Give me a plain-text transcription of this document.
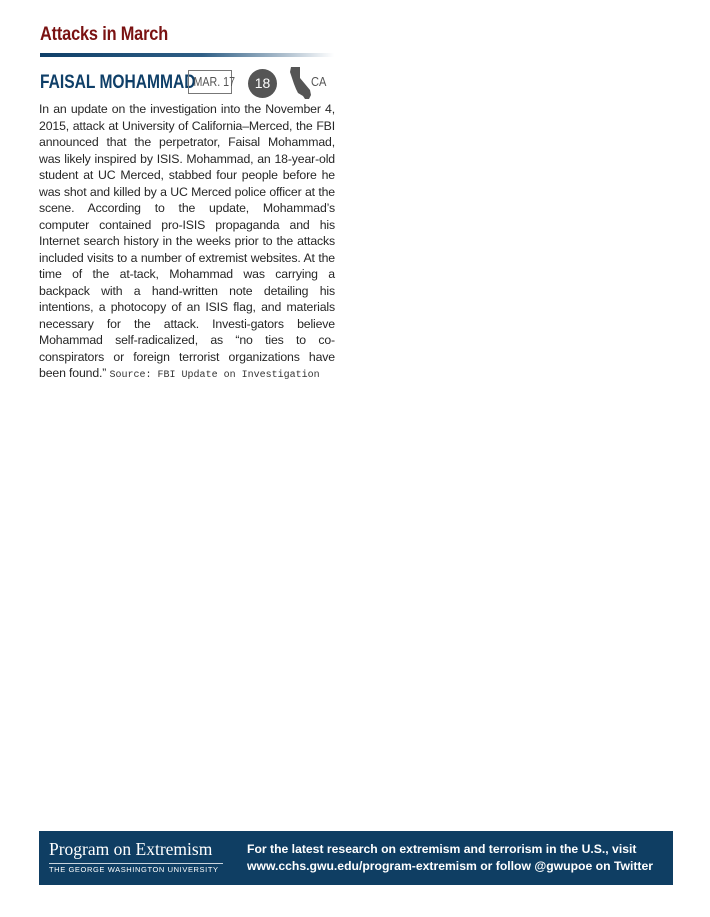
Attacks in March
FAISAL MOHAMMAD
MAR. 17	18	CA
In an update on the investigation into the November 4, 2015, attack at University of California–Merced, the FBI announced that the perpetrator, Faisal Mohammad, was likely inspired by ISIS. Mohammad, an 18-year-old student at UC Merced, stabbed four people before he was shot and killed by a UC Merced police officer at the scene. According to the update, Mohammad’s computer contained pro-ISIS propaganda and his Internet search history in the weeks prior to the attacks included visits to a number of extremist websites. At the time of the at-tack, Mohammad was carrying a backpack with a hand-written note detailing his intentions, a photocopy of an ISIS flag, and materials necessary for the attack. Investi-gators believe Mohammad self-radicalized, as “no ties to co-conspirators or foreign terrorist organizations have been found.” Source: FBI Update on Investigation
Program on Extremism
THE GEORGE WASHINGTON UNIVERSITY
For the latest research on extremism and terrorism in the U.S., visit
www.cchs.gwu.edu/program-extremism or follow @gwupoe on Twitter
